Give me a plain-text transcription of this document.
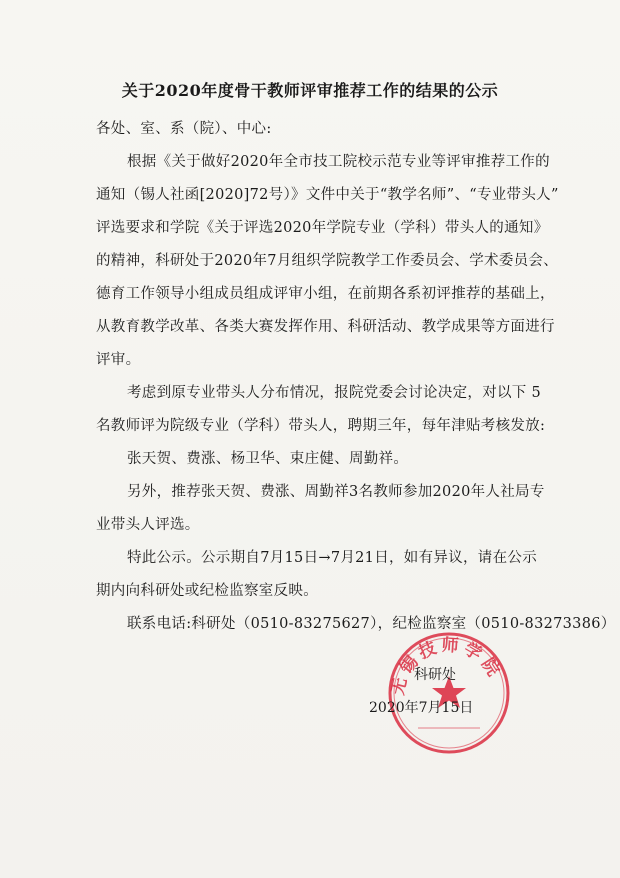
关于2020年度骨干教师评审推荐工作的结果的公示
各处、室、系（院）、中心:
根据《关于做好2020年全市技工院校示范专业等评审推荐工作的
通知（锡人社函[2020]72号）》文件中关于“教学名师”、“专业带头人”
评选要求和学院《关于评选2020年学院专业（学科）带头人的通知》
的精神，科研处于2020年7月组织学院教学工作委员会、学术委员会、
德育工作领导小组成员组成评审小组，在前期各系初评推荐的基础上，
从教育教学改革、各类大赛发挥作用、科研活动、教学成果等方面进行
评审。
考虑到原专业带头人分布情况，报院党委会讨论决定，对以下 5
名教师评为院级专业（学科）带头人，聘期三年，每年津贴考核发放:
张天贺、费涨、杨卫华、束庄健、周勤祥。
另外，推荐张天贺、费涨、周勤祥3名教师参加2020年人社局专
业带头人评选。
特此公示。公示期自7月15日→7月21日，如有异议，请在公示
期内向科研处或纪检监察室反映。
联系电话:科研处（0510-83275627），纪检监察室（0510-83273386）
无锡技师学院
科研处
2020年7月15日
